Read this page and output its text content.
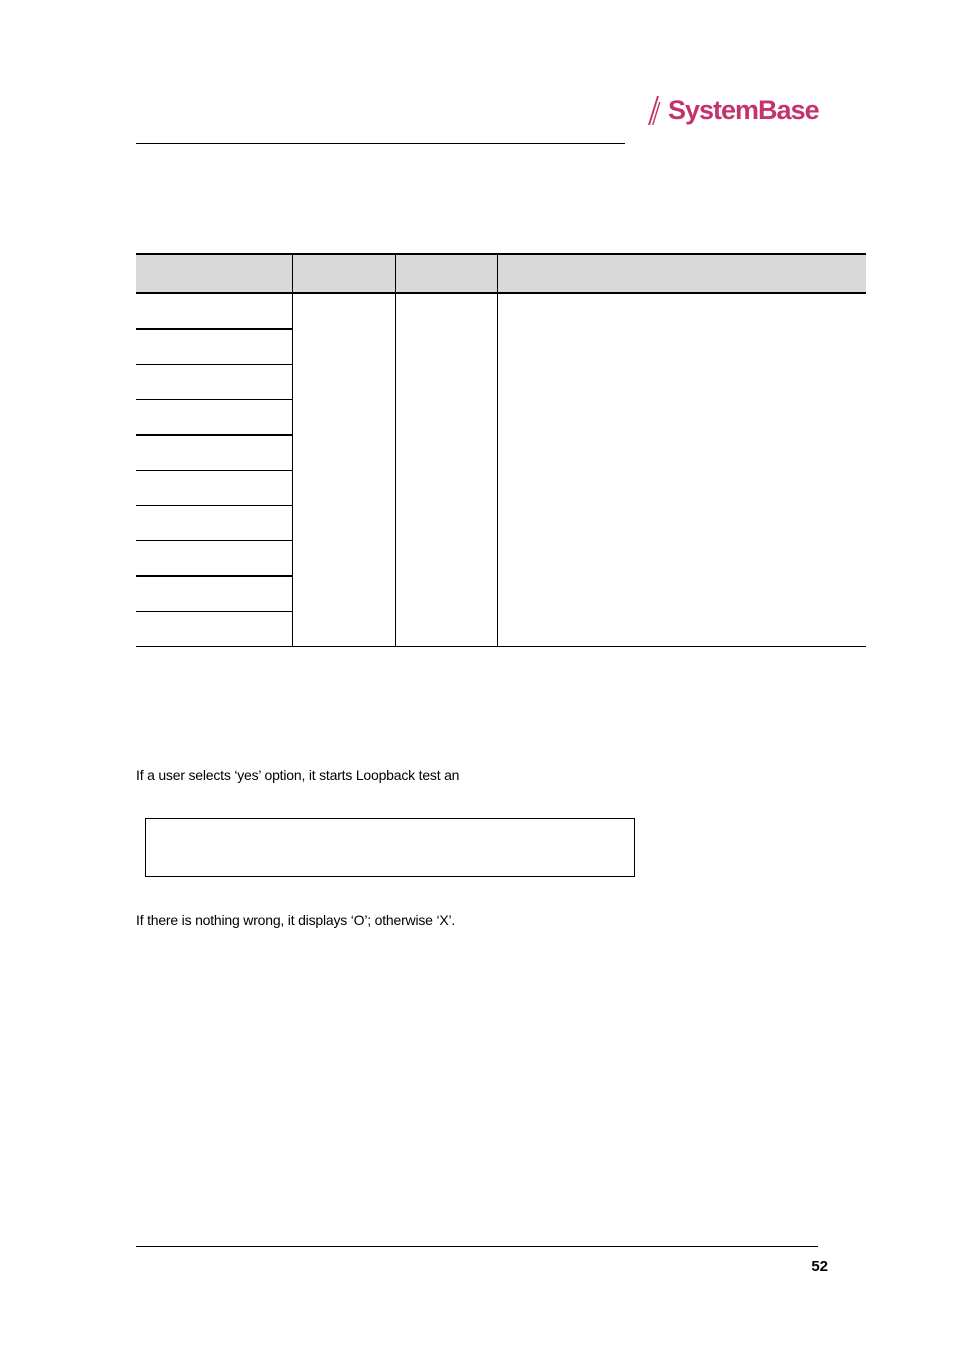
SystemBase

If a user selects ‘yes’ option, it starts Loopback test an

If there is nothing wrong, it displays ‘O’; otherwise ‘X’.

52
